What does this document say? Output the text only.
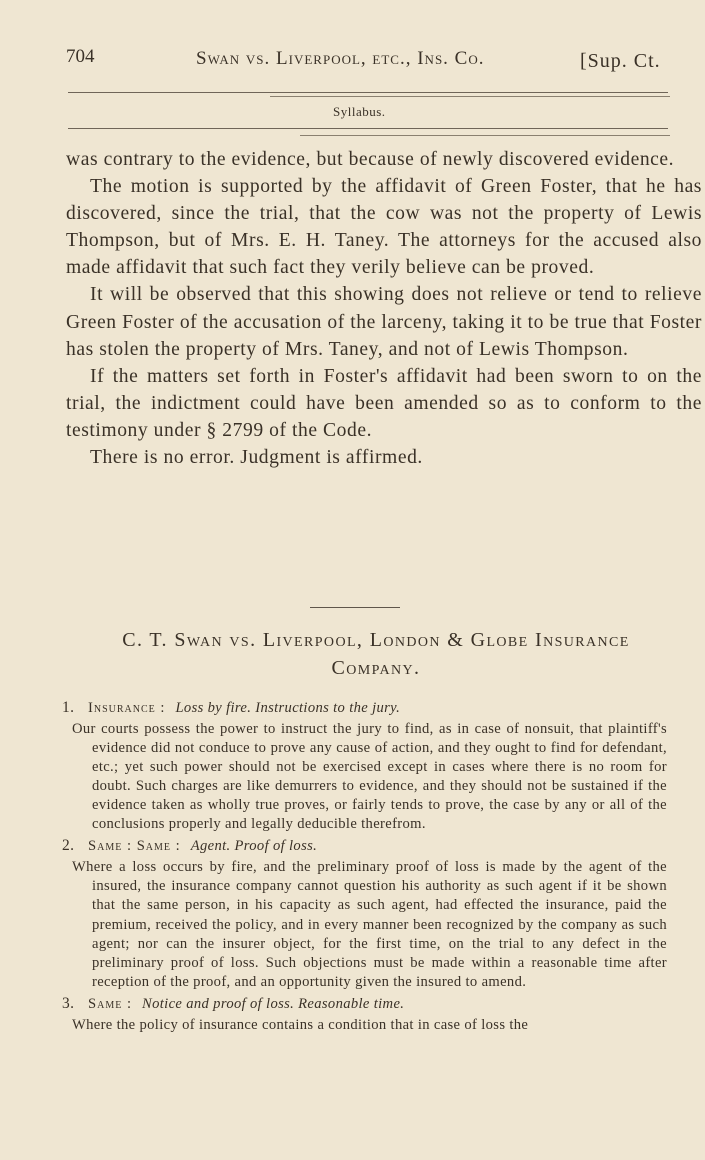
704	Swan vs. Liverpool, etc., Ins. Co.	[Sup. Ct.
Syllabus.

was contrary to the evidence, but because of newly discovered evidence.

The motion is supported by the affidavit of Green Foster, that he has discovered, since the trial, that the cow was not the property of Lewis Thompson, but of Mrs. E. H. Taney. The attorneys for the accused also made affidavit that such fact they verily believe can be proved.

It will be observed that this showing does not relieve or tend to relieve Green Foster of the accusation of the larceny, taking it to be true that Foster has stolen the property of Mrs. Taney, and not of Lewis Thompson.

If the matters set forth in Foster's affidavit had been sworn to on the trial, the indictment could have been amended so as to conform to the testimony under § 2799 of the Code.

There is no error. Judgment is affirmed.

C. T. Swan vs. Liverpool, London & Globe Insurance
Company.
1. Insurance : Loss by fire. Instructions to the jury.
Our courts possess the power to instruct the jury to find, as in case of nonsuit, that plaintiff's evidence did not conduce to prove any cause of action, and they ought to find for defendant, etc.; yet such power should not be exercised except in cases where there is no room for doubt. Such charges are like demurrers to evidence, and they should not be sustained if the evidence taken as wholly true proves, or fairly tends to prove, the case by any or all of the conclusions properly and legally deducible therefrom.
2. Same : Same : Agent. Proof of loss.
Where a loss occurs by fire, and the preliminary proof of loss is made by the agent of the insured, the insurance company cannot question his authority as such agent if it be shown that the same person, in his capacity as such agent, had effected the insurance, paid the premium, received the policy, and in every manner been recognized by the company as such agent; nor can the insurer object, for the first time, on the trial to any defect in the preliminary proof of loss. Such objections must be made within a reasonable time after reception of the proof, and an opportunity given the insured to amend.
3. Same : Notice and proof of loss. Reasonable time.
Where the policy of insurance contains a condition that in case of loss the
